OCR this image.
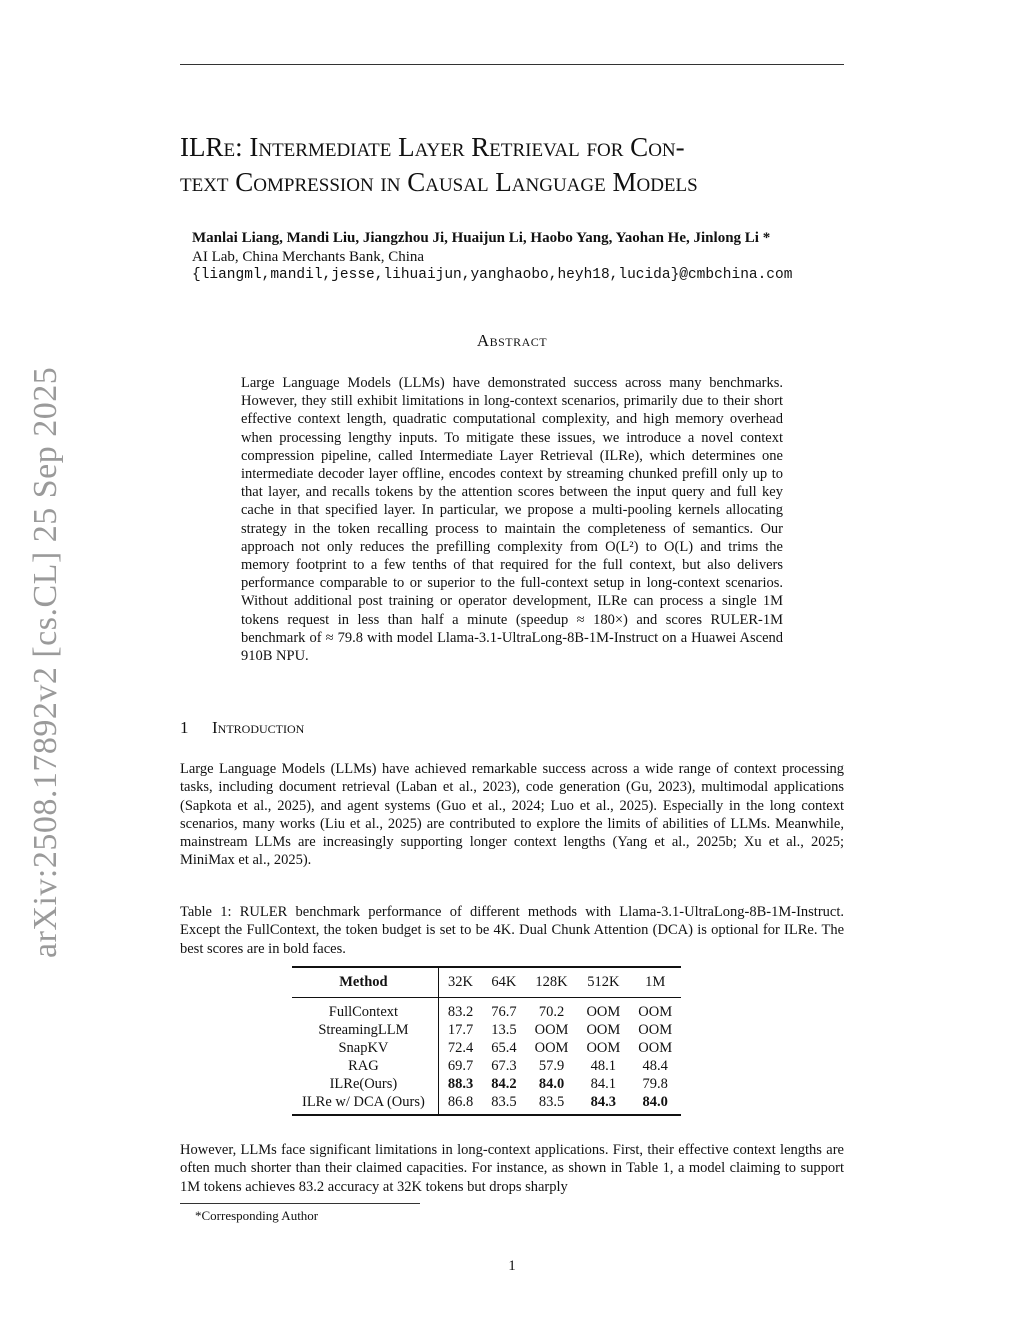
arXiv:2508.17892v2 [cs.CL] 25 Sep 2025
ILRe: Intermediate Layer Retrieval for Con-
text Compression in Causal Language Models
Manlai Liang, Mandi Liu, Jiangzhou Ji, Huaijun Li, Haobo Yang, Yaohan He, Jinlong Li *
AI Lab, China Merchants Bank, China
{liangml,mandil,jesse,lihuaijun,yanghaobo,heyh18,lucida}@cmbchina.com
Abstract
Large Language Models (LLMs) have demonstrated success across many benchmarks. However, they still exhibit limitations in long-context scenarios, primarily due to their short effective context length, quadratic computational complexity, and high memory overhead when processing lengthy inputs. To mitigate these issues, we introduce a novel context compression pipeline, called Intermediate Layer Retrieval (ILRe), which determines one intermediate decoder layer offline, encodes context by streaming chunked prefill only up to that layer, and recalls tokens by the attention scores between the input query and full key cache in that specified layer. In particular, we propose a multi-pooling kernels allocating strategy in the token recalling process to maintain the completeness of semantics. Our approach not only reduces the prefilling complexity from O(L²) to O(L) and trims the memory footprint to a few tenths of that required for the full context, but also delivers performance comparable to or superior to the full-context setup in long-context scenarios. Without additional post training or operator development, ILRe can process a single 1M tokens request in less than half a minute (speedup ≈ 180×) and scores RULER-1M benchmark of ≈ 79.8 with model Llama-3.1-UltraLong-8B-1M-Instruct on a Huawei Ascend 910B NPU.
1 Introduction
Large Language Models (LLMs) have achieved remarkable success across a wide range of context processing tasks, including document retrieval (Laban et al., 2023), code generation (Gu, 2023), multimodal applications (Sapkota et al., 2025), and agent systems (Guo et al., 2024; Luo et al., 2025). Especially in the long context scenarios, many works (Liu et al., 2025) are contributed to explore the limits of abilities of LLMs. Meanwhile, mainstream LLMs are increasingly supporting longer context lengths (Yang et al., 2025b; Xu et al., 2025; MiniMax et al., 2025).
Table 1: RULER benchmark performance of different methods with Llama-3.1-UltraLong-8B-1M-Instruct. Except the FullContext, the token budget is set to be 4K. Dual Chunk Attention (DCA) is optional for ILRe. The best scores are in bold faces.
Method	32K	64K	128K	512K	1M
FullContext	83.2	76.7	70.2	OOM	OOM
StreamingLLM	17.7	13.5	OOM	OOM	OOM
SnapKV	72.4	65.4	OOM	OOM	OOM
RAG	69.7	67.3	57.9	48.1	48.4
ILRe(Ours)	88.3	84.2	84.0	84.1	79.8
ILRe w/ DCA (Ours)	86.8	83.5	83.5	84.3	84.0
However, LLMs face significant limitations in long-context applications. First, their effective context lengths are often much shorter than their claimed capacities. For instance, as shown in Table 1, a model claiming to support 1M tokens achieves 83.2 accuracy at 32K tokens but drops sharply
*Corresponding Author
1
